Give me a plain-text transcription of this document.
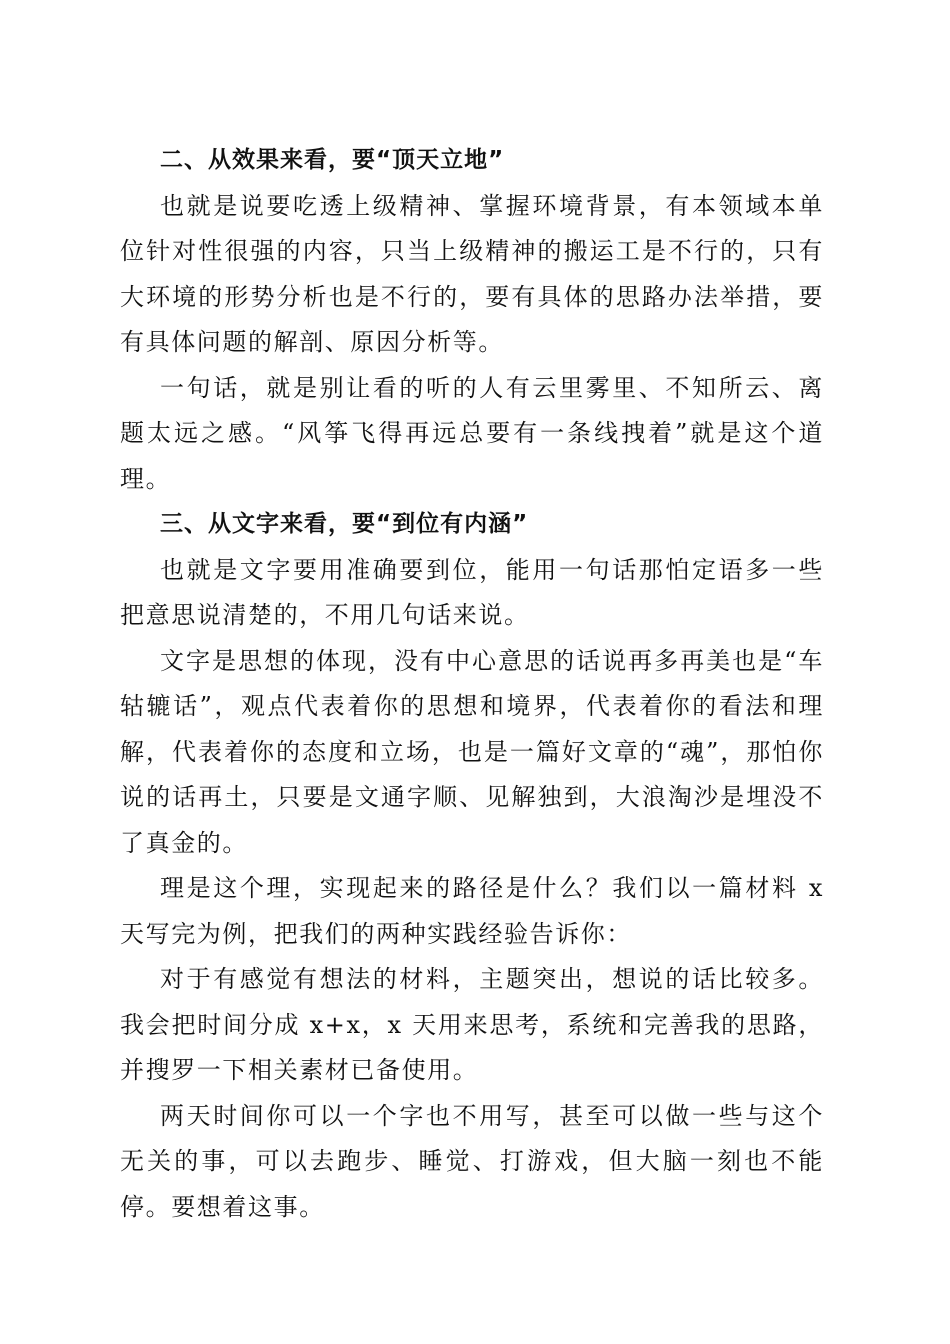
二、从效果来看，要“顶天立地”

也就是说要吃透上级精神、掌握环境背景，有本领域本单位针对性很强的内容，只当上级精神的搬运工是不行的，只有大环境的形势分析也是不行的，要有具体的思路办法举措，要有具体问题的解剖、原因分析等。

一句话，就是别让看的听的人有云里雾里、不知所云、离题太远之感。“风筝飞得再远总要有一条线拽着”就是这个道理。

三、从文字来看，要“到位有内涵”

也就是文字要用准确要到位，能用一句话那怕定语多一些把意思说清楚的，不用几句话来说。

文字是思想的体现，没有中心意思的话说再多再美也是“车轱辘话”，观点代表着你的思想和境界，代表着你的看法和理解，代表着你的态度和立场，也是一篇好文章的“魂”，那怕你说的话再土，只要是文通字顺、见解独到，大浪淘沙是埋没不了真金的。

理是这个理，实现起来的路径是什么？我们以一篇材料 x 天写完为例，把我们的两种实践经验告诉你：

对于有感觉有想法的材料，主题突出，想说的话比较多。我会把时间分成 x+x，x 天用来思考，系统和完善我的思路，并搜罗一下相关素材已备使用。

两天时间你可以一个字也不用写，甚至可以做一些与这个无关的事，可以去跑步、睡觉、打游戏，但大脑一刻也不能停。要想着这事。
